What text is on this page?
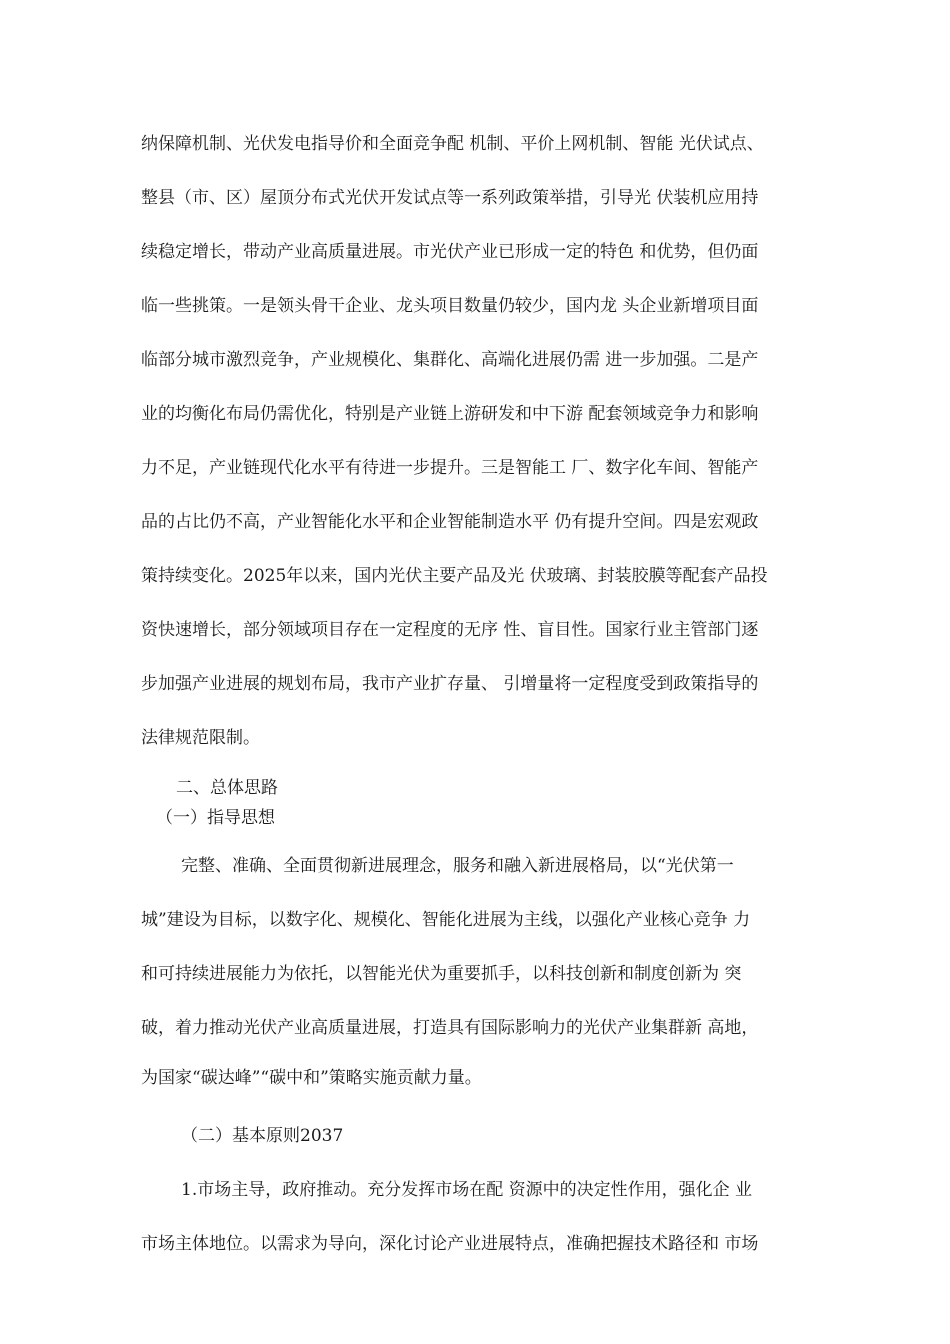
纳保障机制、光伏发电指导价和全面竞争配 机制、平价上网机制、智能 光伏试点、
整县（市、区）屋顶分布式光伏开发试点等一系列政策举措，引导光 伏装机应用持
续稳定增长，带动产业高质量进展。市光伏产业已形成一定的特色 和优势，但仍面
临一些挑策。一是领头骨干企业、龙头项目数量仍较少，国内龙 头企业新增项目面
临部分城市激烈竞争，产业规模化、集群化、高端化进展仍需 进一步加强。二是产
业的均衡化布局仍需优化，特别是产业链上游研发和中下游 配套领域竞争力和影响
力不足，产业链现代化水平有待进一步提升。三是智能工 厂、数字化车间、智能产
品的占比仍不高，产业智能化水平和企业智能制造水平 仍有提升空间。四是宏观政
策持续变化。2025年以来，国内光伏主要产品及光 伏玻璃、封装胶膜等配套产品投
资快速增长，部分领域项目存在一定程度的无序 性、盲目性。国家行业主管部门逐
步加强产业进展的规划布局，我市产业扩存量、 引增量将一定程度受到政策指导的
法律规范限制。
二、总体思路
（一）指导思想
完整、准确、全面贯彻新进展理念，服务和融入新进展格局，以“光伏第一
城”建设为目标，以数字化、规模化、智能化进展为主线，以强化产业核心竞争 力
和可持续进展能力为依托，以智能光伏为重要抓手，以科技创新和制度创新为 突
破，着力推动光伏产业高质量进展，打造具有国际影响力的光伏产业集群新 高地，
为国家“碳达峰”“碳中和”策略实施贡献力量。
（二）基本原则2037
1.市场主导，政府推动。充分发挥市场在配 资源中的决定性作用，强化企 业
市场主体地位。以需求为导向，深化讨论产业进展特点，准确把握技术路径和 市场
